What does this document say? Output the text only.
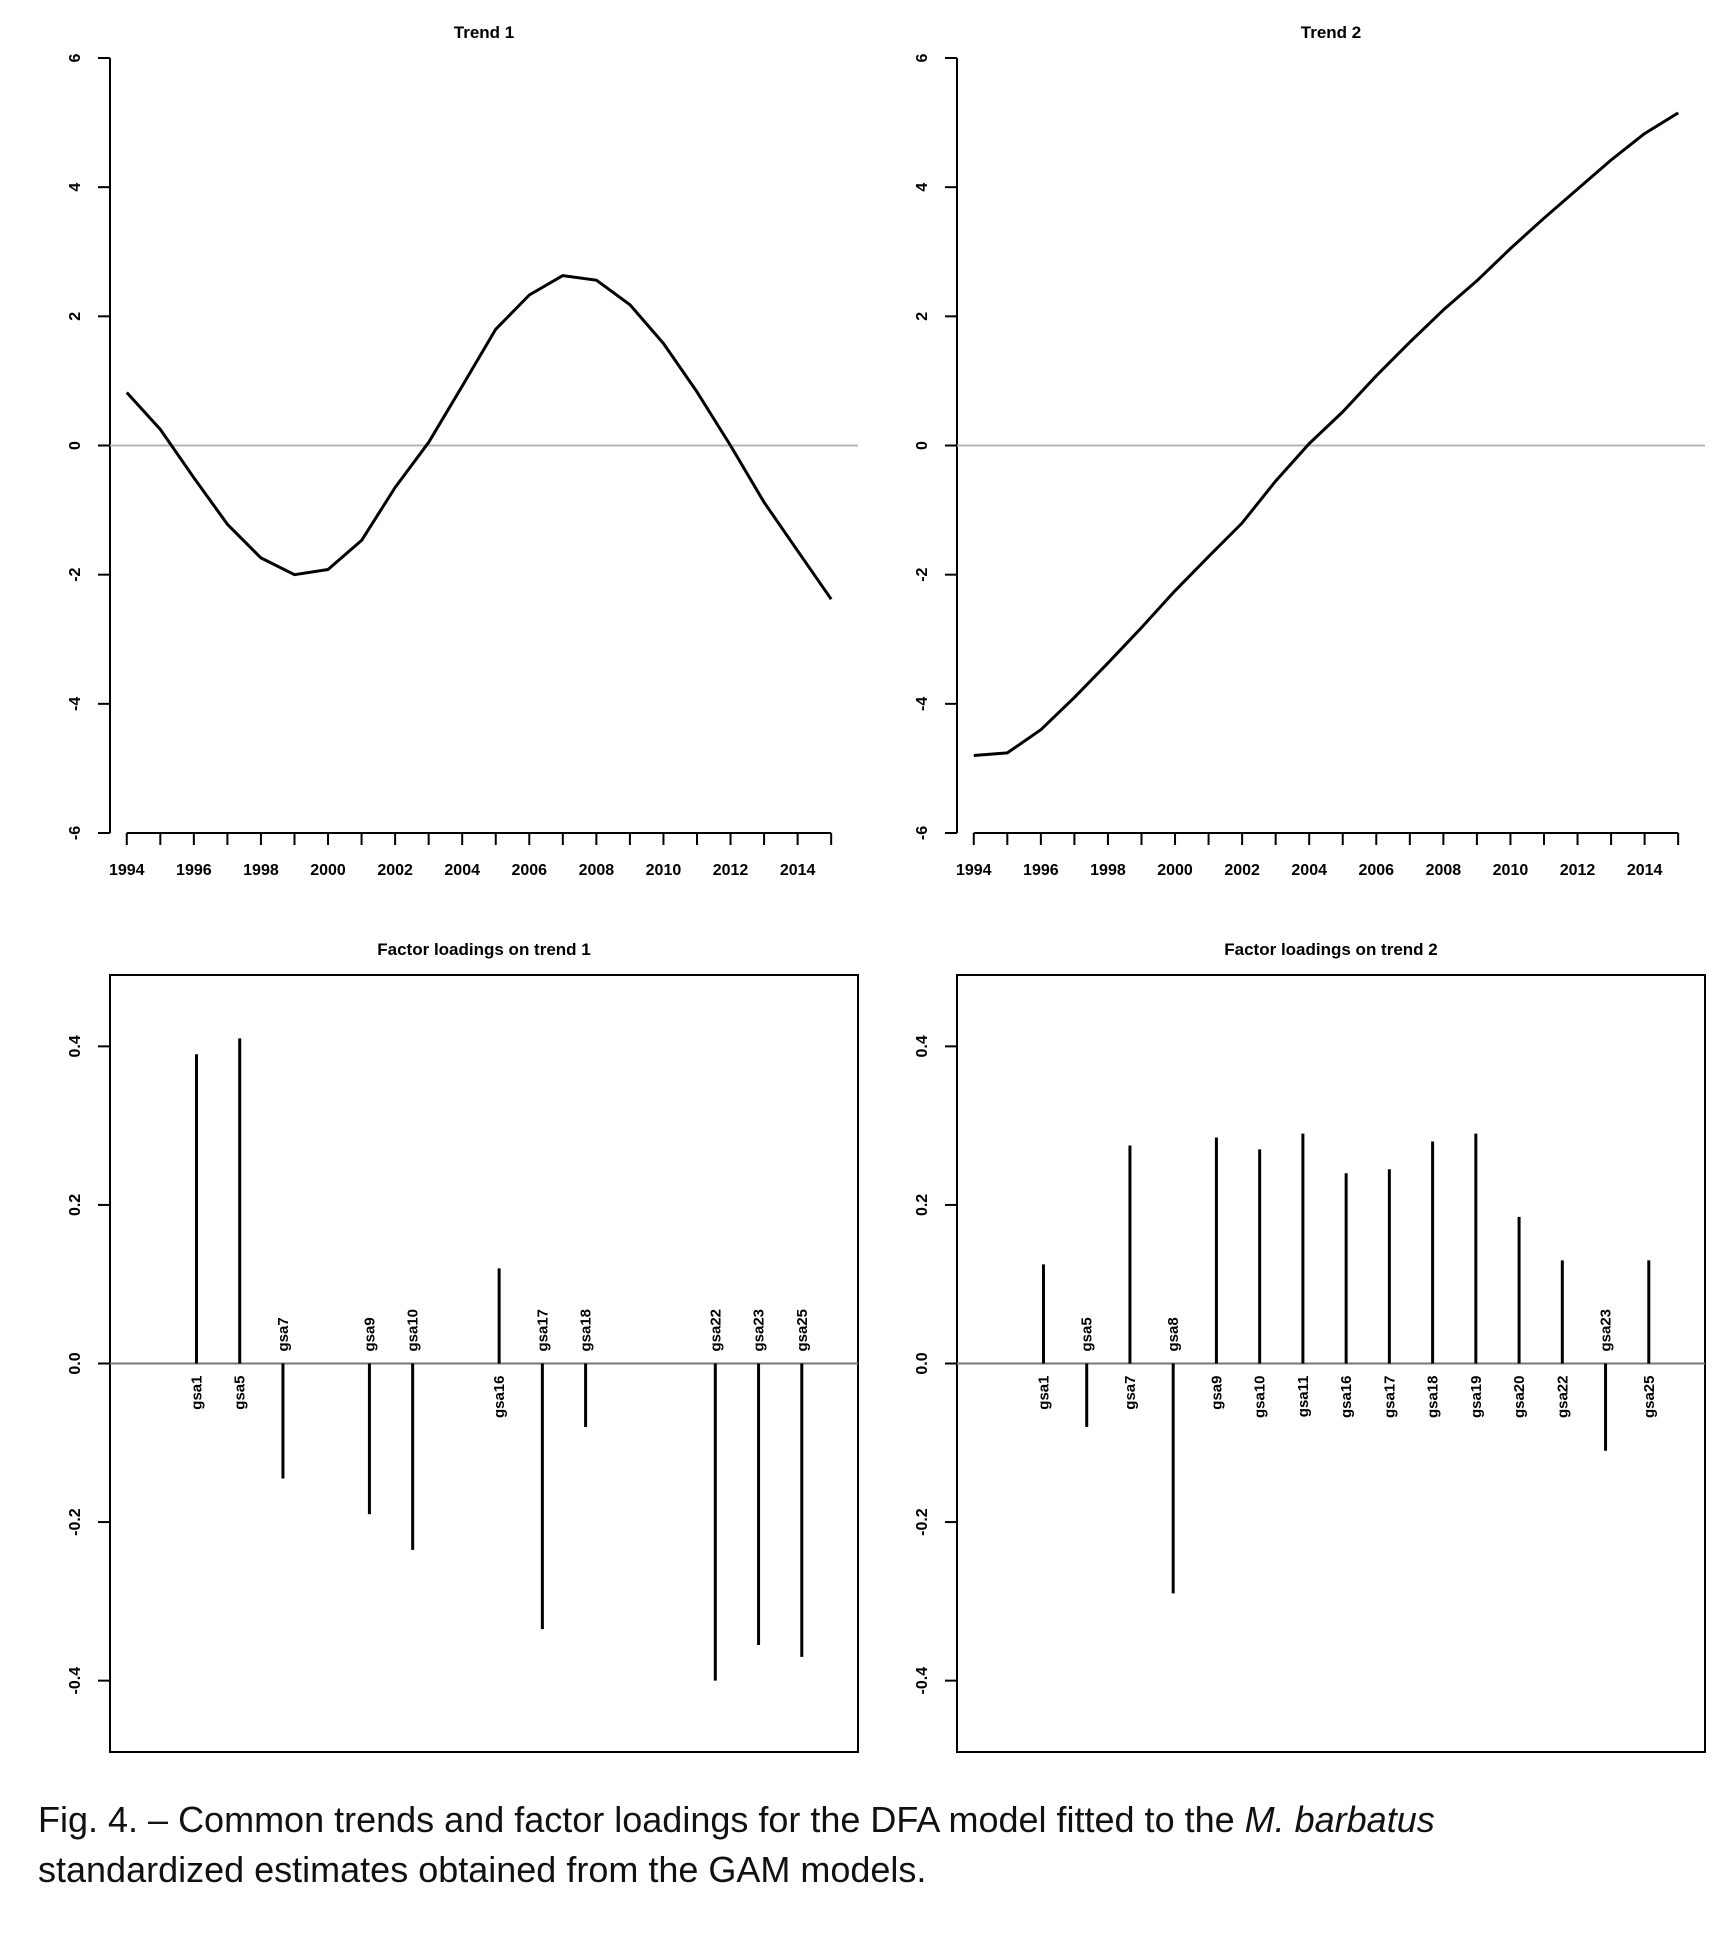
Trend 1
-6
-4
-2
0
2
4
6
1994 1996 1998 2000 2002 2004 2006 2008 2010 2012 2014
Trend 2
-6
-4
-2
0
2
4
6
1994 1996 1998 2000 2002 2004 2006 2008 2010 2012 2014
Factor loadings on trend 1
-0.4
-0.2
0.0
0.2
0.4
gsa1 gsa5
gsa7	gsa9 gsa10
gsa16
gsa17 gsa18	gsa22 gsa23 gsa25
Factor loadings on trend 2
-0.4
-0.2
0.0
0.2
0.4
gsa1
gsa5
gsa7
gsa8
gsa9 gsa10 gsa11 gsa16 gsa17 gsa18 gsa19 gsa20 gsa22
gsa23
gsa25
Fig. 4. – Common trends and factor loadings for the DFA model fitted to the M. barbatus
standardized estimates obtained from the GAM models.
